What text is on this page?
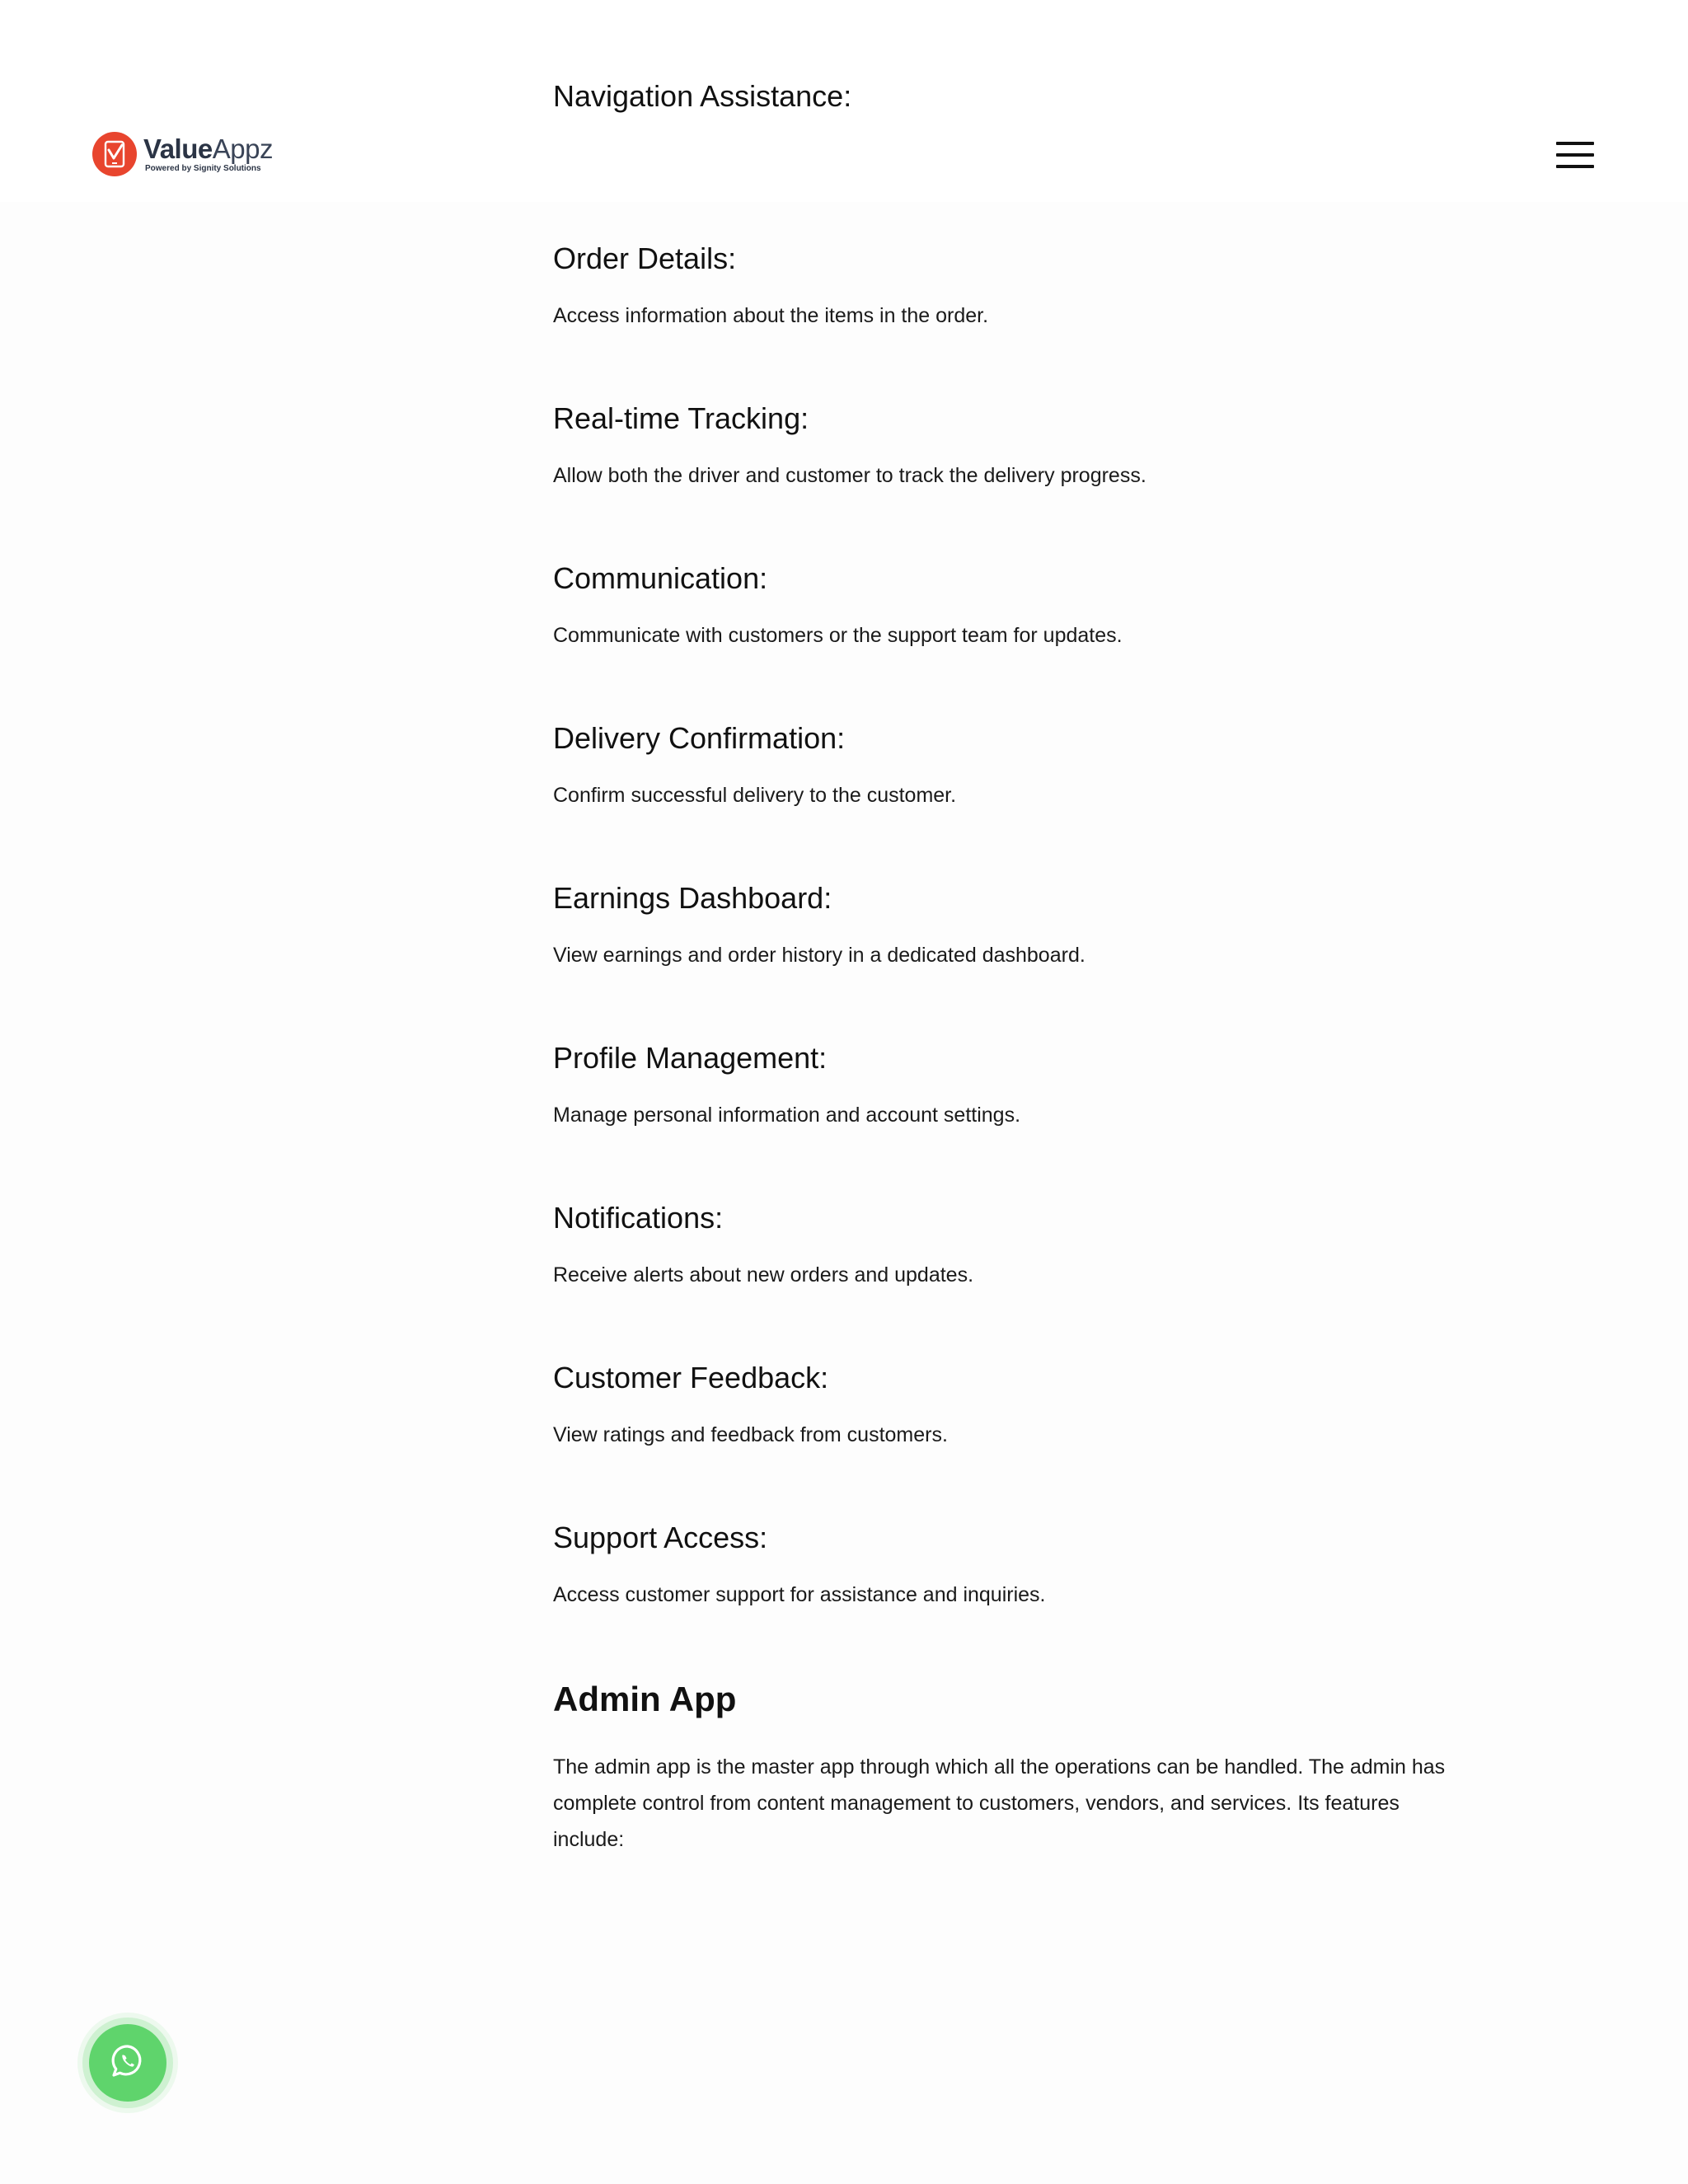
ValueAppz
Powered by Signity Solutions
Navigation Assistance:
Order Details:

Access information about the items in the order.

Real-time Tracking:

Allow both the driver and customer to track the delivery progress.

Communication:

Communicate with customers or the support team for updates.

Delivery Confirmation:

Confirm successful delivery to the customer.

Earnings Dashboard:

View earnings and order history in a dedicated dashboard.

Profile Management:

Manage personal information and account settings.

Notifications:

Receive alerts about new orders and updates.

Customer Feedback:

View ratings and feedback from customers.

Support Access:

Access customer support for assistance and inquiries.

Admin App

The admin app is the master app through which all the operations can be handled. The admin has complete control from content management to customers, vendors, and services. Its features include:
